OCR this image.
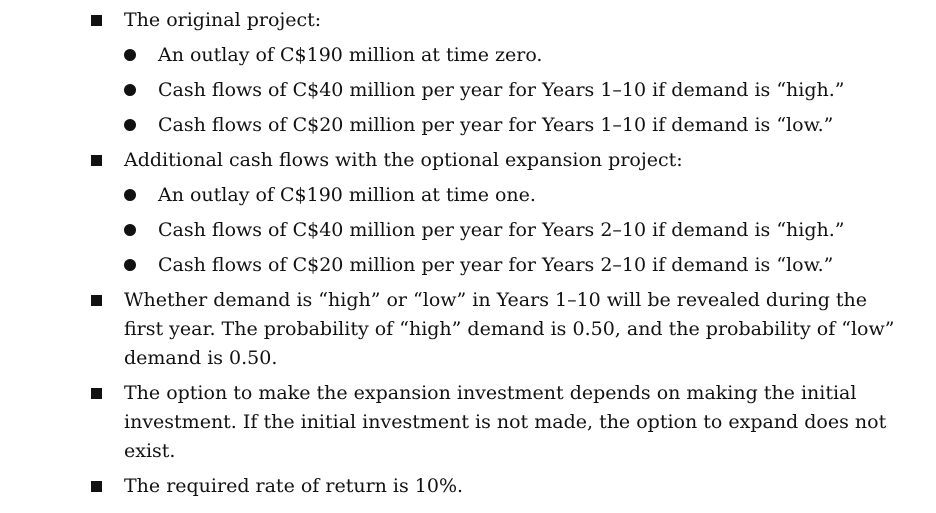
The original project:
An outlay of C$190 million at time zero.
Cash flows of C$40 million per year for Years 1–10 if demand is “high.”
Cash flows of C$20 million per year for Years 1–10 if demand is “low.”
Additional cash flows with the optional expansion project:
An outlay of C$190 million at time one.
Cash flows of C$40 million per year for Years 2–10 if demand is “high.”
Cash flows of C$20 million per year for Years 2–10 if demand is “low.”
Whether demand is “high” or “low” in Years 1–10 will be revealed during the first year. The probability of “high” demand is 0.50, and the probability of “low” demand is 0.50.
The option to make the expansion investment depends on making the initial investment. If the initial investment is not made, the option to expand does not exist.
The required rate of return is 10%.
